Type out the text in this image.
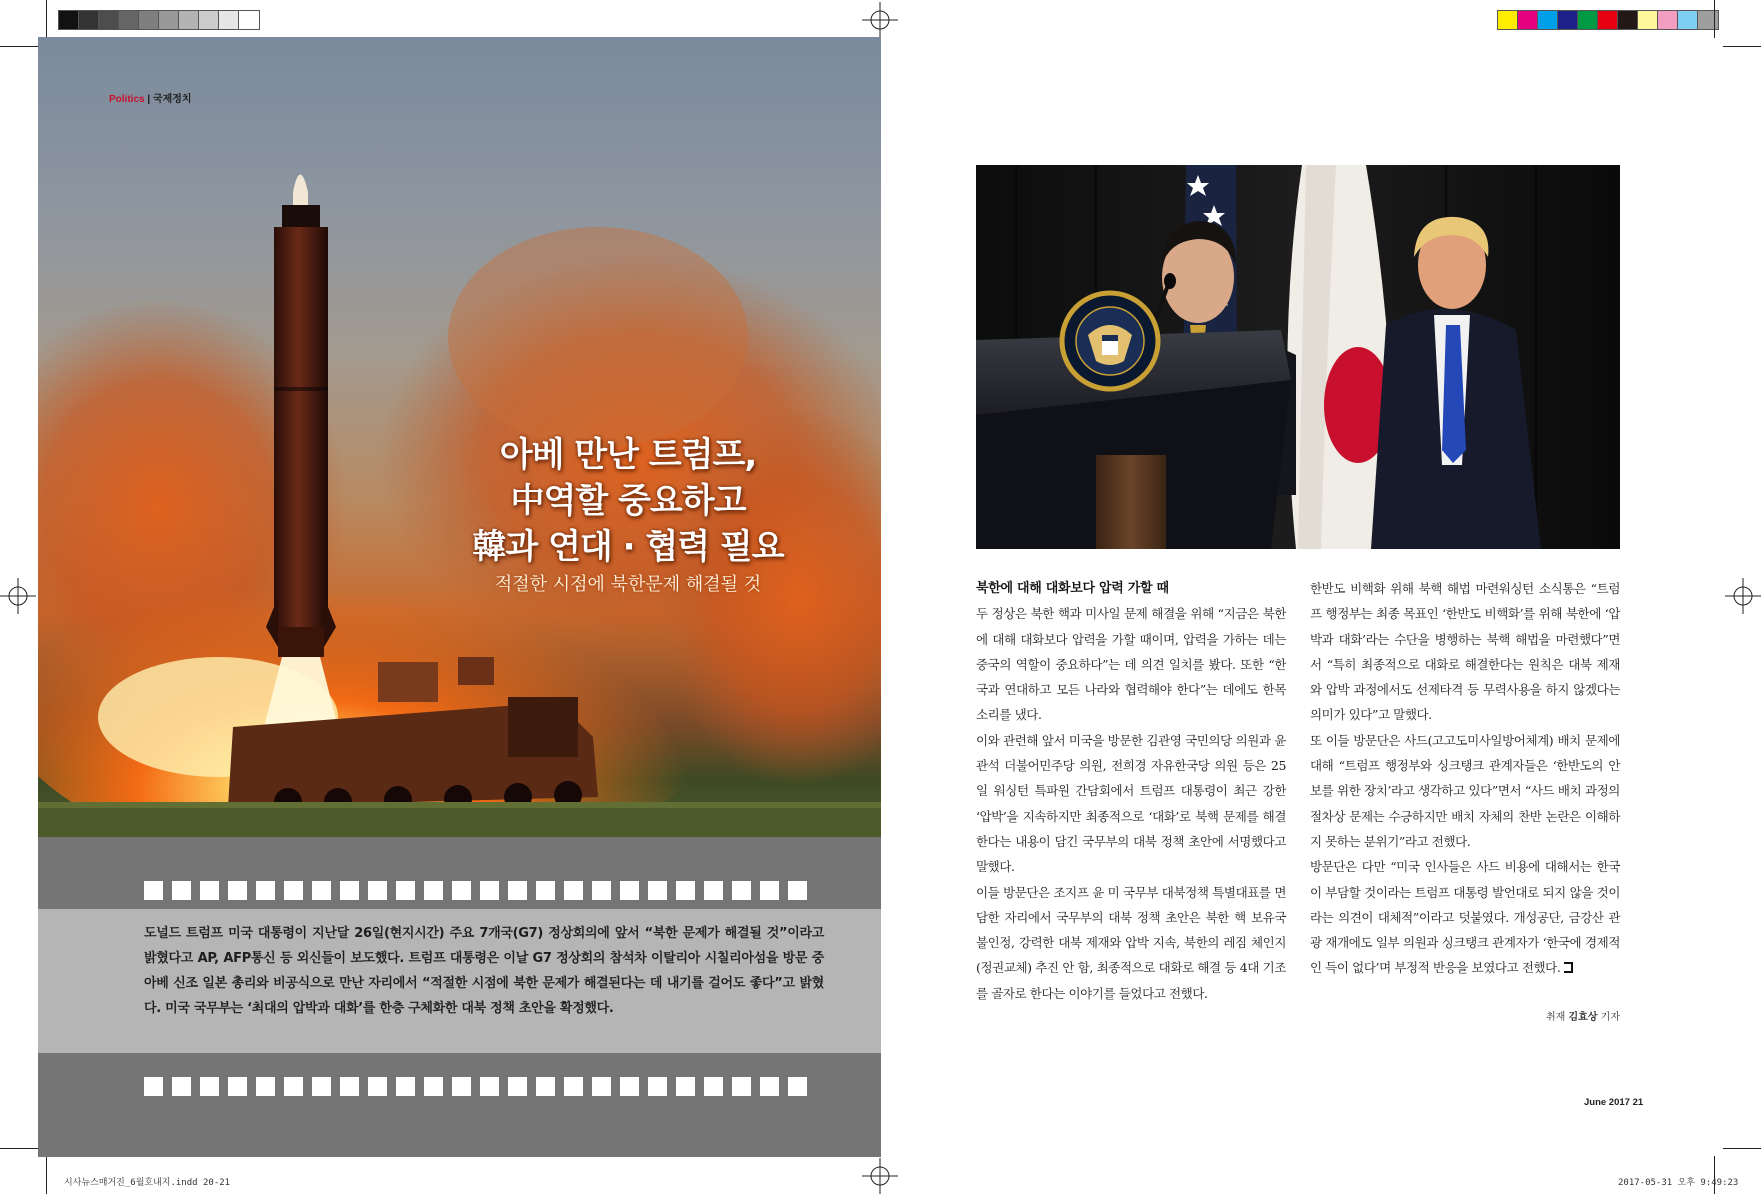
시사뉴스매거진_6월호내지.indd 20-21	2017-05-31 오후 9:49:23
Politics | 국제정치
아베 만난 트럼프,
中역할 중요하고
韓과 연대 · 협력 필요
적절한 시점에 북한문제 해결될 것

도널드 트럼프 미국 대통령이 지난달 26일(현지시간) 주요 7개국(G7) 정상회의에 앞서 “북한 문제가 해결될 것”이라고 밝혔다고 AP, AFP통신 등 외신들이 보도했다. 트럼프 대통령은 이날 G7 정상회의 참석차 이탈리아 시칠리아섬을 방문 중 아베 신조 일본 총리와 비공식으로 만난 자리에서 “적절한 시점에 북한 문제가 해결된다는 데 내기를 걸어도 좋다”고 밝혔다. 미국 국무부는 ‘최대의 압박과 대화’를 한층 구체화한 대북 정책 초안을 확정했다.

북한에 대해 대화보다 압력 가할 때

두 정상은 북한 핵과 미사일 문제 해결을 위해 “지금은 북한에 대해 대화보다 압력을 가할 때이며, 압력을 가하는 데는 중국의 역할이 중요하다”는 데 의견 일치를 봤다. 또한 “한국과 연대하고 모든 나라와 협력해야 한다”는 데에도 한목소리를 냈다.

이와 관련해 앞서 미국을 방문한 김관영 국민의당 의원과 윤관석 더불어민주당 의원, 전희경 자유한국당 의원 등은 25일 워싱턴 특파원 간담회에서 트럼프 대통령이 최근 강한 ‘압박’을 지속하지만 최종적으로 ‘대화’로 북핵 문제를 해결한다는 내용이 담긴 국무부의 대북 정책 초안에 서명했다고 말했다.

이들 방문단은 조지프 윤 미 국무부 대북정책 특별대표를 면담한 자리에서 국무부의 대북 정책 초안은 북한 핵 보유국 불인정, 강력한 대북 제재와 압박 지속, 북한의 레짐 체인지(정권교체) 추진 안 함, 최종적으로 대화로 해결 등 4대 기조를 골자로 한다는 이야기를 들었다고 전했다.

한반도 비핵화 위해 북핵 해법 마련워싱턴 소식통은 “트럼프 행정부는 최종 목표인 ‘한반도 비핵화’를 위해 북한에 ‘압박과 대화’라는 수단을 병행하는 북핵 해법을 마련했다”면서 “특히 최종적으로 대화로 해결한다는 원칙은 대북 제재와 압박 과정에서도 선제타격 등 무력사용을 하지 않겠다는 의미가 있다”고 말했다.

또 이들 방문단은 사드(고고도미사일방어체계) 배치 문제에 대해 “트럼프 행정부와 싱크탱크 관계자들은 ‘한반도의 안보를 위한 장치’라고 생각하고 있다”면서 “사드 배치 과정의 절차상 문제는 수긍하지만 배치 자체의 찬반 논란은 이해하지 못하는 분위기”라고 전했다.

방문단은 다만 “미국 인사들은 사드 비용에 대해서는 한국이 부담할 것이라는 트럼프 대통령 발언대로 되지 않을 것이라는 의견이 대체적”이라고 덧붙였다. 개성공단, 금강산 관광 재개에도 일부 의원과 싱크탱크 관계자가 ‘한국에 경제적인 득이 없다’며 부정적 반응을 보였다고 전했다.

취재 김효상 기자
June 2017 21
